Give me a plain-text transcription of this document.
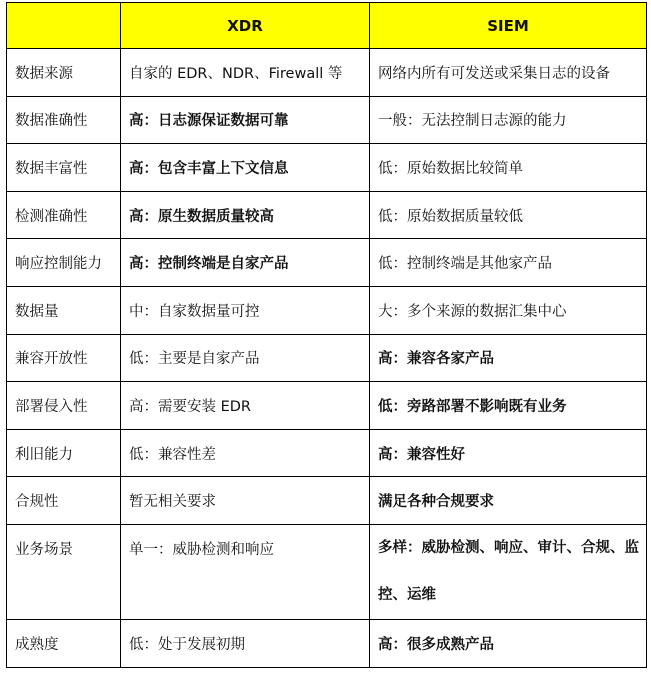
	XDR	SIEM
数据来源	自家的 EDR、NDR、Firewall 等	网络内所有可发送或采集日志的设备
数据准确性	高：日志源保证数据可靠	一般：无法控制日志源的能力
数据丰富性	高：包含丰富上下文信息	低：原始数据比较简单
检测准确性	高：原生数据质量较高	低：原始数据质量较低
响应控制能力	高：控制终端是自家产品	低：控制终端是其他家产品
数据量	中：自家数据量可控	大：多个来源的数据汇集中心
兼容开放性	低：主要是自家产品	高：兼容各家产品
部署侵入性	高：需要安装 EDR	低：旁路部署不影响既有业务
利旧能力	低：兼容性差	高：兼容性好
合规性	暂无相关要求	满足各种合规要求
业务场景	单一：威胁检测和响应	多样：威胁检测、响应、审计、合规、监控、运维
成熟度	低：处于发展初期	高：很多成熟产品
